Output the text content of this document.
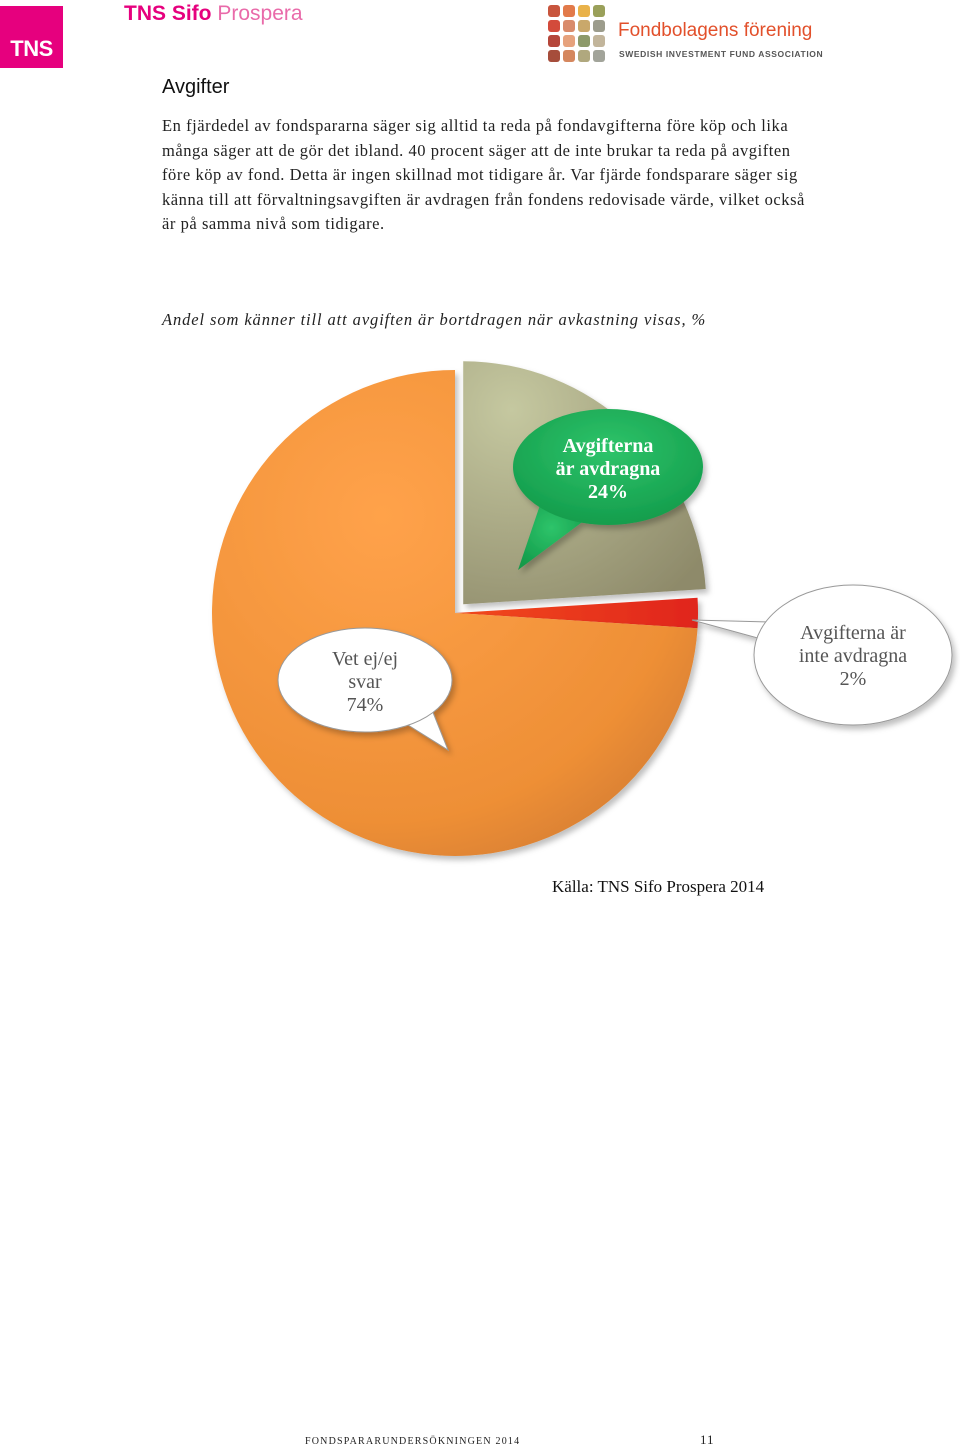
TNS
TNS Sifo Prospera
Fondbolagens förening
SWEDISH INVESTMENT FUND ASSOCIATION
Avgifter

En fjärdedel av fondspararna säger sig alltid ta reda på fondavgifterna före köp och lika många säger att de gör det ibland. 40 procent säger att de inte brukar ta reda på avgiften före köp av fond. Detta är ingen skillnad mot tidigare år. Var fjärde fondsparare säger sig känna till att förvaltningsavgiften är avdragen från fondens redovisade värde, vilket också är på samma nivå som tidigare.

Andel som känner till att avgiften är bortdragen när avkastning visas, %

Avgifterna
är avdragna
24%
Avgifterna är
inte avdragna
2%
Vet ej/ej
svar
74%
Källa: TNS Sifo Prospera 2014
FONDSPARARUNDERSÖKNINGEN 2014	11
